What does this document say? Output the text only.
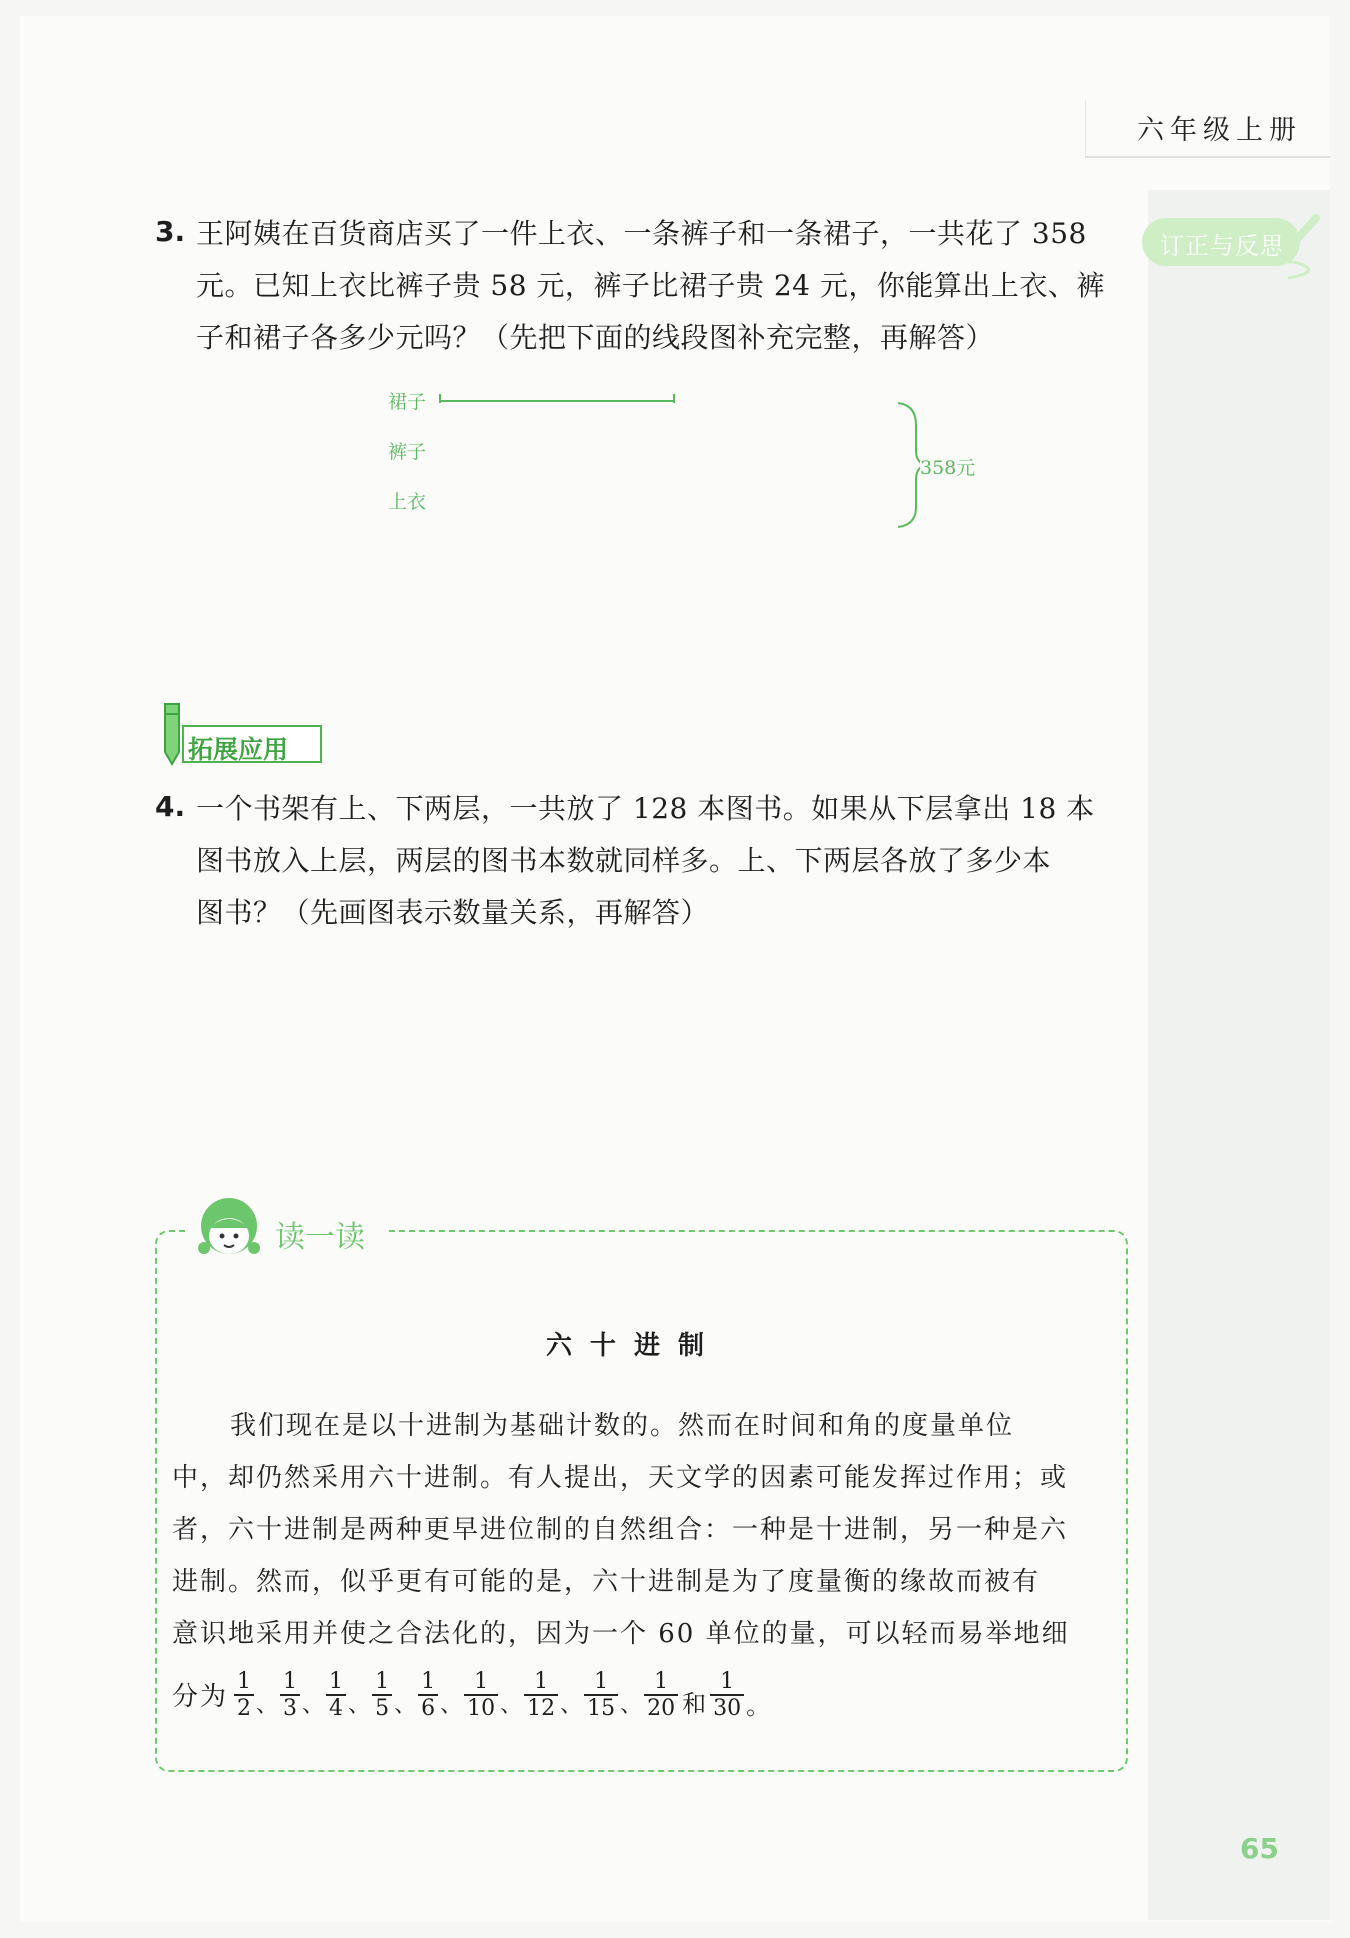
六年级上册
订正与反思
3. 王阿姨在百货商店买了一件上衣、一条裤子和一条裙子，一共花了 358
元。已知上衣比裤子贵 58 元，裤子比裙子贵 24 元，你能算出上衣、裤
子和裙子各多少元吗？（先把下面的线段图补充完整，再解答）
裙子
裤子
上衣
358元
拓展应用
4. 一个书架有上、下两层，一共放了 128 本图书。如果从下层拿出 18 本
图书放入上层，两层的图书本数就同样多。上、下两层各放了多少本
图书？（先画图表示数量关系，再解答）
读一读
六十进制
我们现在是以十进制为基础计数的。然而在时间和角的度量单位
中，却仍然采用六十进制。有人提出，天文学的因素可能发挥过作用；或
者，六十进制是两种更早进位制的自然组合：一种是十进制，另一种是六
进制。然而，似乎更有可能的是，六十进制是为了度量衡的缘故而被有
意识地采用并使之合法化的，因为一个 60 单位的量，可以轻而易举地细
分为 $\frac{1}{2}$ 、 $\frac{1}{3}$ 、 $\frac{1}{4}$ 、 $\frac{1}{5}$ 、 $\frac{1}{6}$ 、 $\frac{1}{10}$ 、 $\frac{1}{12}$ 、 $\frac{1}{15}$ 、 $\frac{1}{20}$ 和 $\frac{1}{30}$ 。
65
